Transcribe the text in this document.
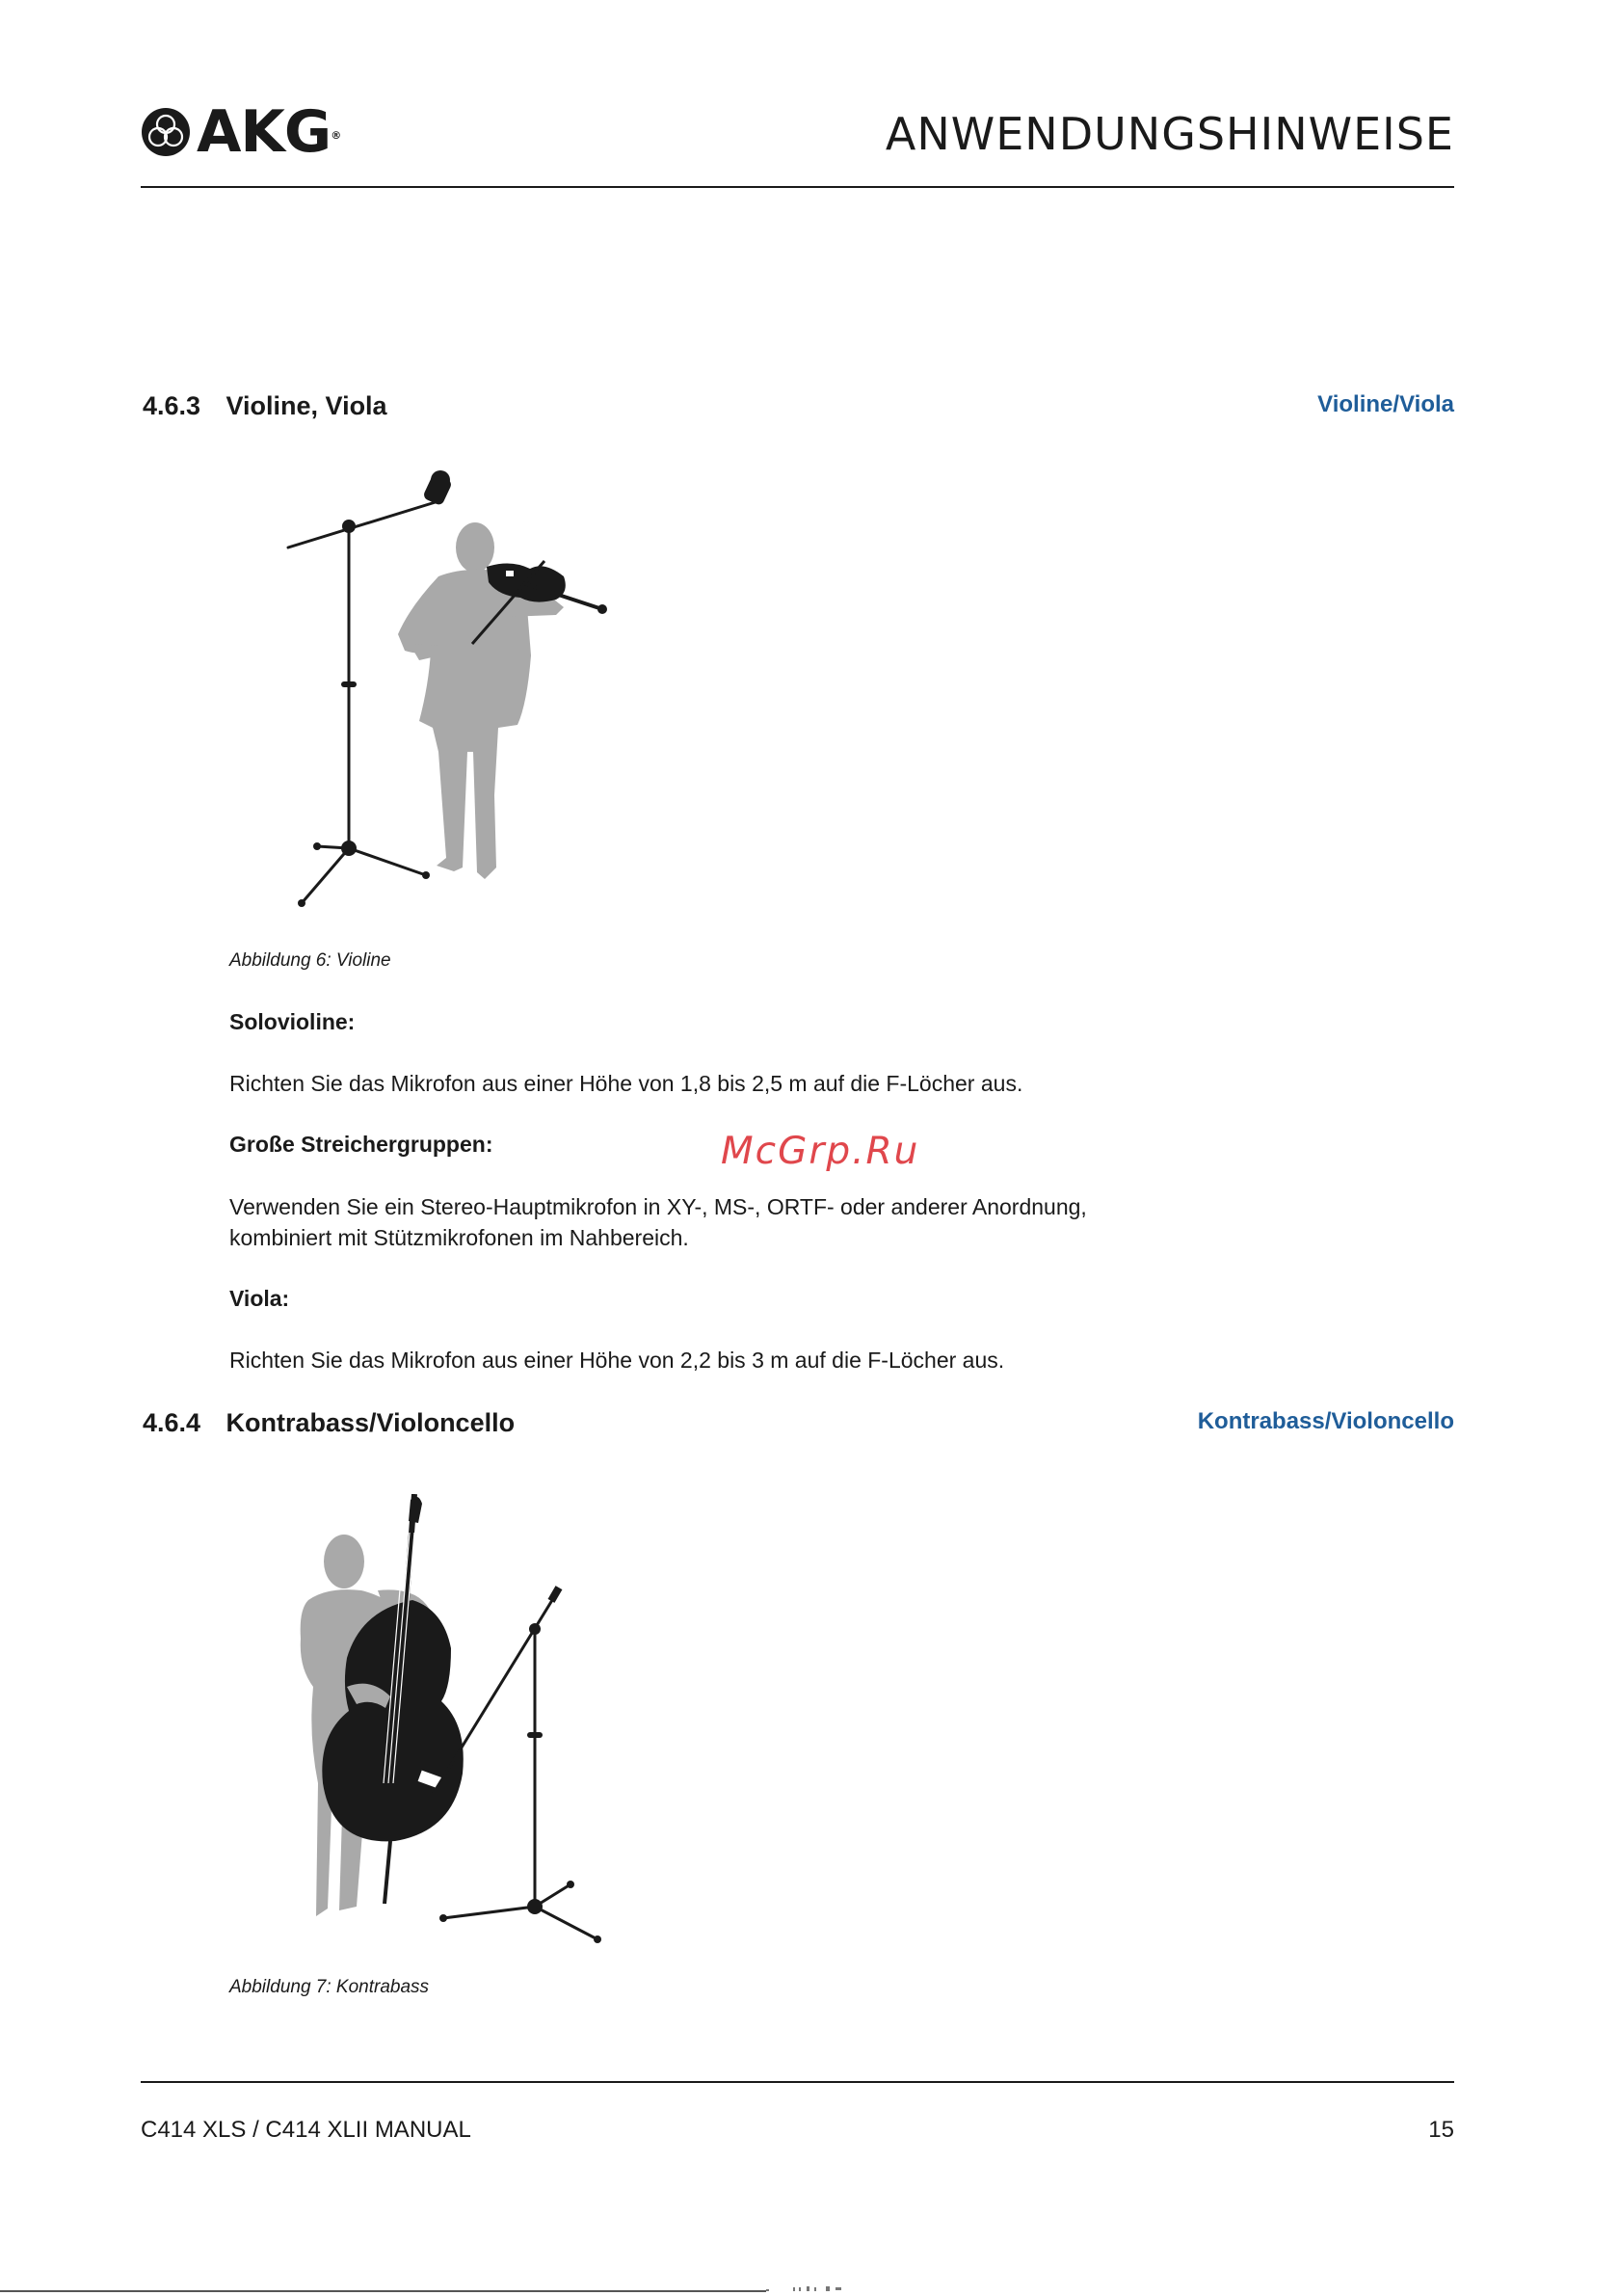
AKG®	ANWENDUNGSHINWEISE
4.6.3 Violine, Viola	Violine/Viola
Abbildung 6: Violine
Solovioline:
Richten Sie das Mikrofon aus einer Höhe von 1,8 bis 2,5 m auf die F-Löcher aus.
Große Streichergruppen:
Verwenden Sie ein Stereo-Hauptmikrofon in XY-, MS-, ORTF- oder anderer Anordnung,
kombiniert mit Stützmikrofonen im Nahbereich.
Viola:
Richten Sie das Mikrofon aus einer Höhe von 2,2 bis 3 m auf die F-Löcher aus.
4.6.4 Kontrabass/Violoncello	Kontrabass/Violoncello
Abbildung 7: Kontrabass
McGrp.Ru
C414 XLS / C414 XLII MANUAL	15
